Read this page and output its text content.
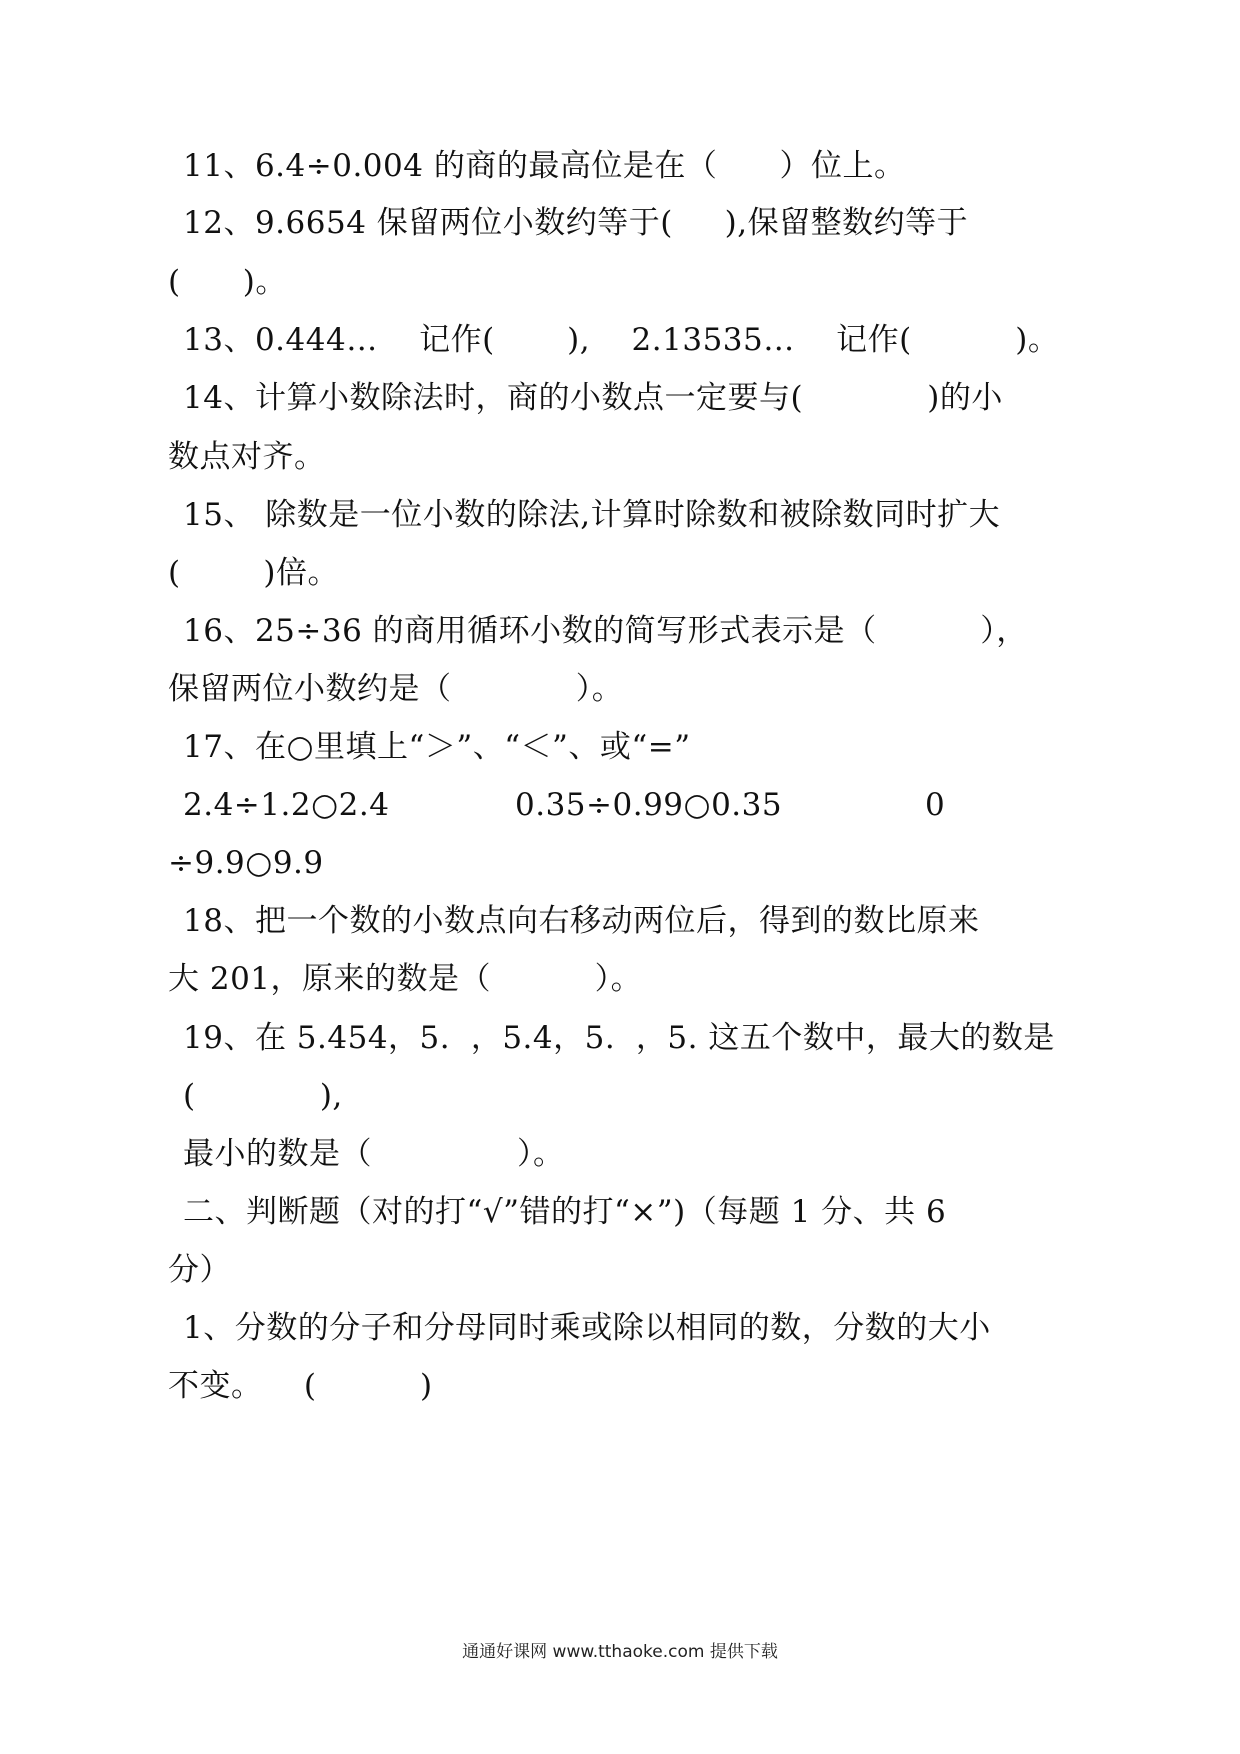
11、6.4÷0.004 的商的最高位是在（      ）位上。
12、9.6654 保留两位小数约等于(     ),保留整数约等于
(      )。
13、0.444…    记作(       ),    2.13535…    记作(          )。
14、计算小数除法时，商的小数点一定要与(            )的小
数点对齐。
15、 除数是一位小数的除法,计算时除数和被除数同时扩大
(        )倍。
16、25÷36 的商用循环小数的简写形式表示是（          ），
保留两位小数约是（            ）。
17、在○里填上“＞”、“＜”、或“=”
2.4÷1.2○2.4	0.35÷0.99○0.35	0
÷9.9○9.9
18、把一个数的小数点向右移动两位后，得到的数比原来
大 201，原来的数是（          ）。
19、在 5.454，5.  ，5.4，5.  ，5. 这五个数中，最大的数是
(            ),
最小的数是（              ）。
二、判断题（对的打“√”错的打“×”)（每题 1 分、共 6
分）
1、分数的分子和分母同时乘或除以相同的数，分数的大小
不变。    (          )
通通好课网 www.tthaoke.com 提供下载
